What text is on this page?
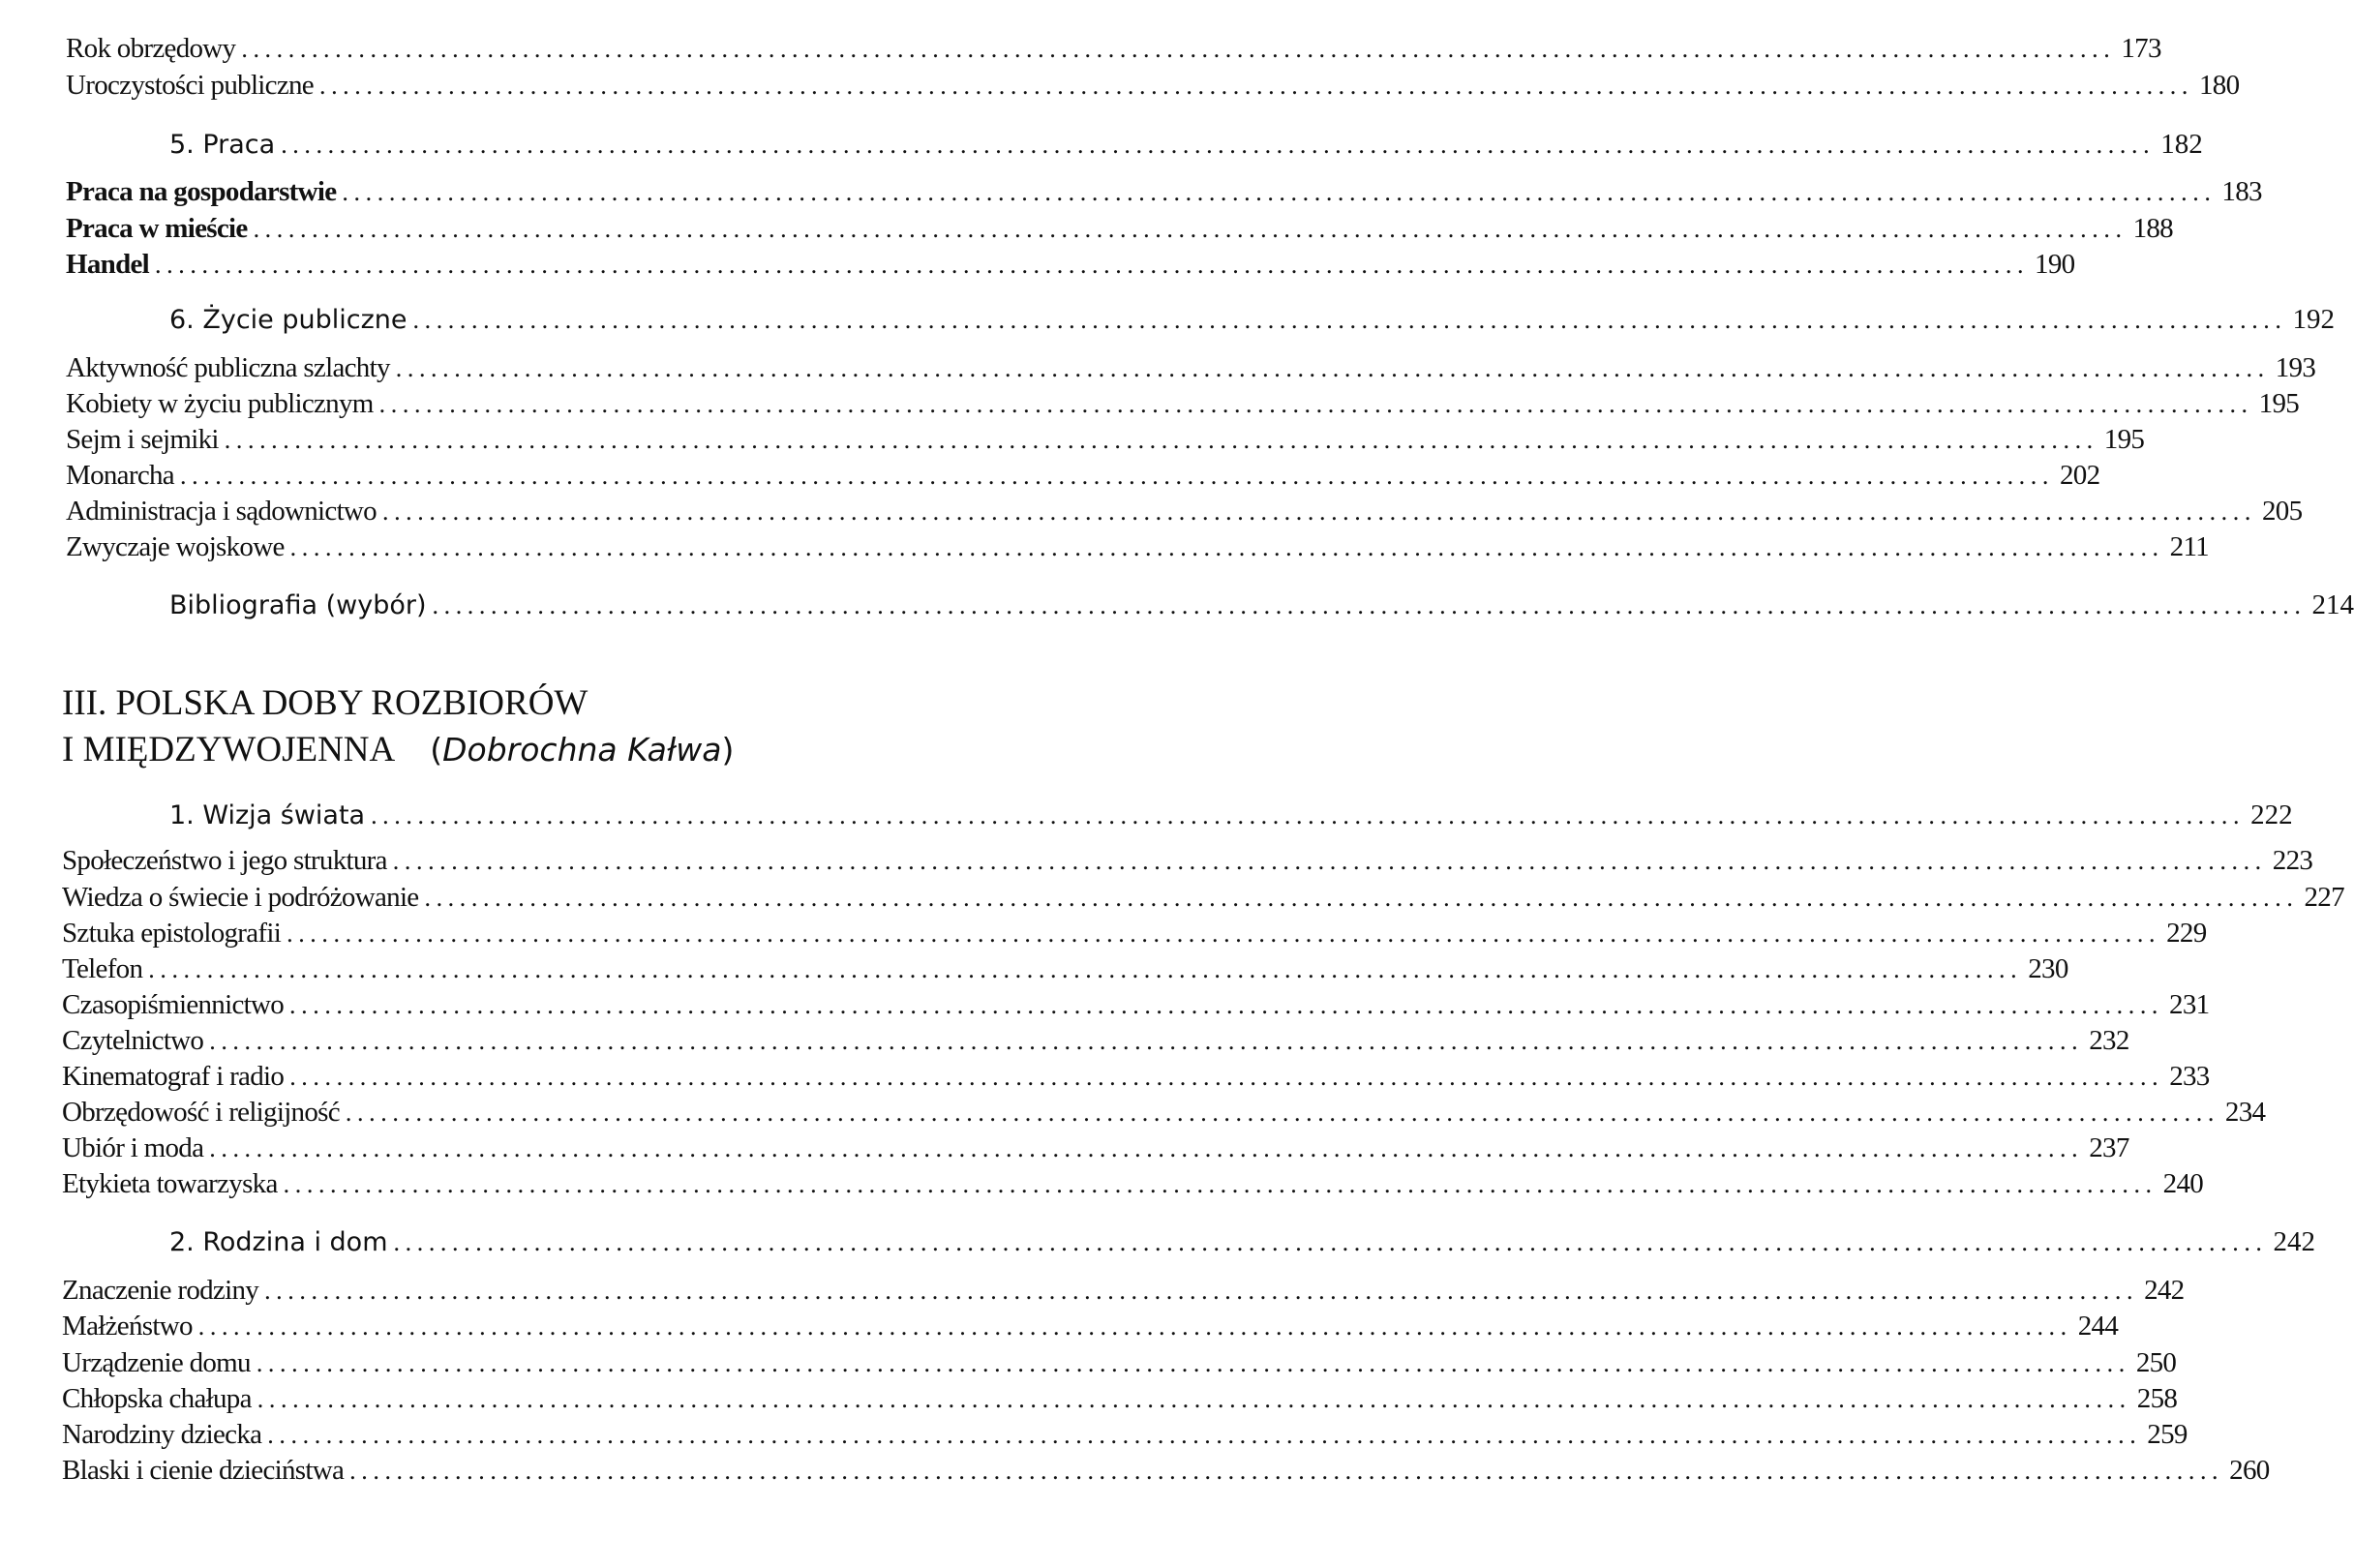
Rok obrzędowy ................................................................................................................................................................ 173
Uroczystości publiczne ................................................................................................................................................................ 180
5. Praca ................................................................................................................................................................ 182
Praca na gospodarstwie ................................................................................................................................................................ 183
Praca w mieście ................................................................................................................................................................ 188
Handel ................................................................................................................................................................ 190
6. Życie publiczne ................................................................................................................................................................ 192
Aktywność publiczna szlachty ................................................................................................................................................................ 193
Kobiety w życiu publicznym ................................................................................................................................................................ 195
Sejm i sejmiki ................................................................................................................................................................ 195
Monarcha ................................................................................................................................................................ 202
Administracja i sądownictwo ................................................................................................................................................................ 205
Zwyczaje wojskowe ................................................................................................................................................................ 211
Bibliografia (wybór) ................................................................................................................................................................ 214
III. POLSKA DOBY ROZBIORÓW
I MIĘDZYWOJENNA (Dobrochna Kałwa)
1. Wizja świata ................................................................................................................................................................ 222
Społeczeństwo i jego struktura ................................................................................................................................................................ 223
Wiedza o świecie i podróżowanie ................................................................................................................................................................ 227
Sztuka epistolografii ................................................................................................................................................................ 229
Telefon ................................................................................................................................................................ 230
Czasopiśmiennictwo ................................................................................................................................................................ 231
Czytelnictwo ................................................................................................................................................................ 232
Kinematograf i radio ................................................................................................................................................................ 233
Obrzędowość i religijność ................................................................................................................................................................ 234
Ubiór i moda ................................................................................................................................................................ 237
Etykieta towarzyska ................................................................................................................................................................ 240
2. Rodzina i dom ................................................................................................................................................................ 242
Znaczenie rodziny ................................................................................................................................................................ 242
Małżeństwo ................................................................................................................................................................ 244
Urządzenie domu ................................................................................................................................................................ 250
Chłopska chałupa ................................................................................................................................................................ 258
Narodziny dziecka ................................................................................................................................................................ 259
Blaski i cienie dzieciństwa ................................................................................................................................................................ 260
